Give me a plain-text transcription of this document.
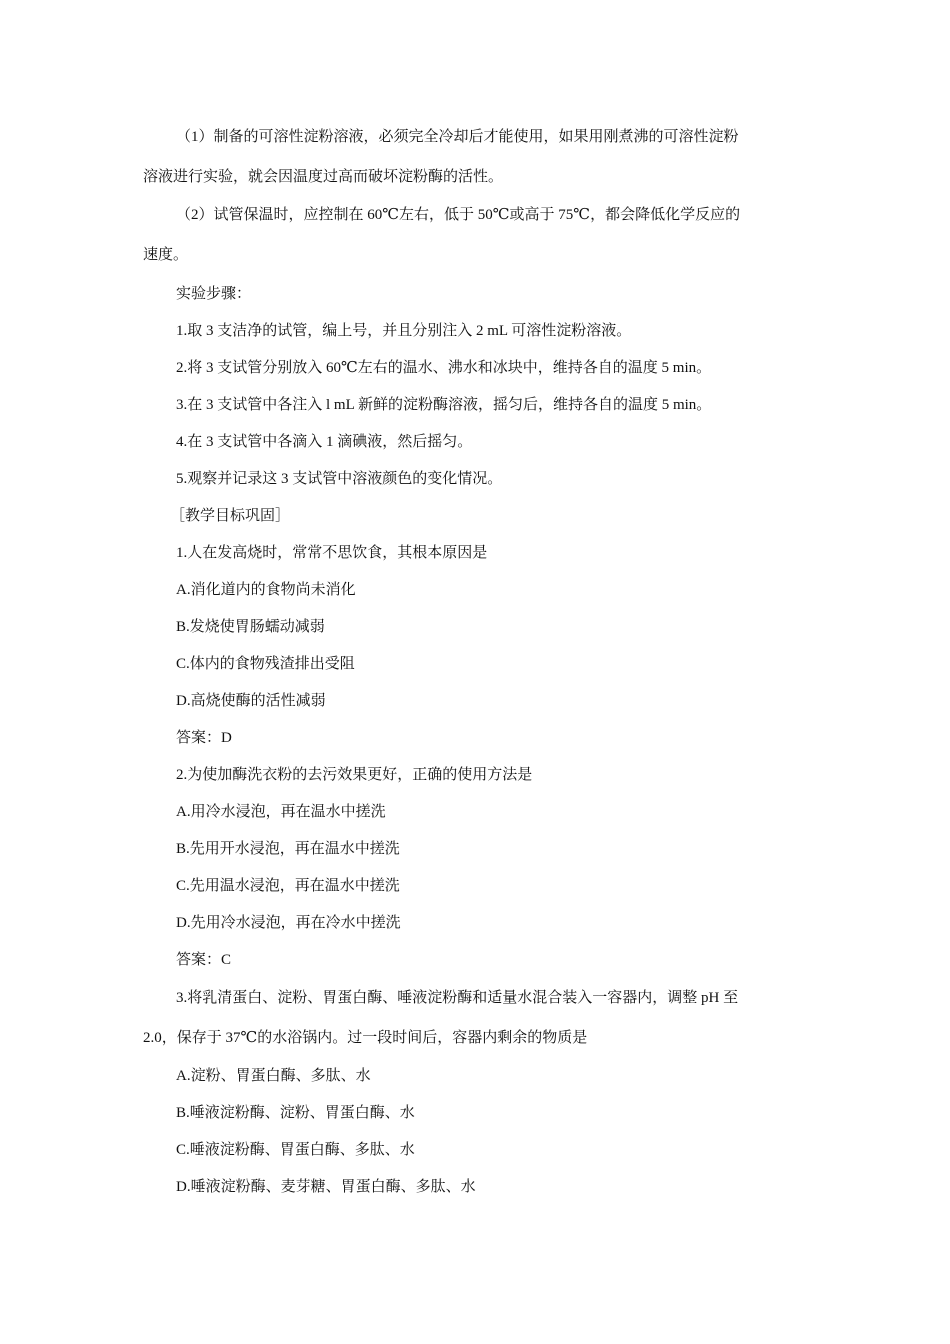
（1）制备的可溶性淀粉溶液，必须完全冷却后才能使用，如果用刚煮沸的可溶性淀粉
溶液进行实验，就会因温度过高而破坏淀粉酶的活性。
（2）试管保温时，应控制在 60℃左右，低于 50℃或高于 75℃，都会降低化学反应的
速度。
实验步骤：
1.取 3 支洁净的试管，编上号，并且分别注入 2 mL 可溶性淀粉溶液。
2.将 3 支试管分别放入 60℃左右的温水、沸水和冰块中，维持各自的温度 5 min。
3.在 3 支试管中各注入 l mL 新鲜的淀粉酶溶液，摇匀后，维持各自的温度 5 min。
4.在 3 支试管中各滴入 1 滴碘液，然后摇匀。
5.观察并记录这 3 支试管中溶液颜色的变化情况。
［教学目标巩固］
1.人在发高烧时，常常不思饮食，其根本原因是
A.消化道内的食物尚未消化
B.发烧使胃肠蠕动减弱
C.体内的食物残渣排出受阻
D.高烧使酶的活性减弱
答案：D
2.为使加酶洗衣粉的去污效果更好，正确的使用方法是
A.用冷水浸泡，再在温水中搓洗
B.先用开水浸泡，再在温水中搓洗
C.先用温水浸泡，再在温水中搓洗
D.先用冷水浸泡，再在冷水中搓洗
答案：C
3.将乳清蛋白、淀粉、胃蛋白酶、唾液淀粉酶和适量水混合装入一容器内，调整 pH 至
2.0，保存于 37℃的水浴锅内。过一段时间后，容器内剩余的物质是
A.淀粉、胃蛋白酶、多肽、水
B.唾液淀粉酶、淀粉、胃蛋白酶、水
C.唾液淀粉酶、胃蛋白酶、多肽、水
D.唾液淀粉酶、麦芽糖、胃蛋白酶、多肽、水
